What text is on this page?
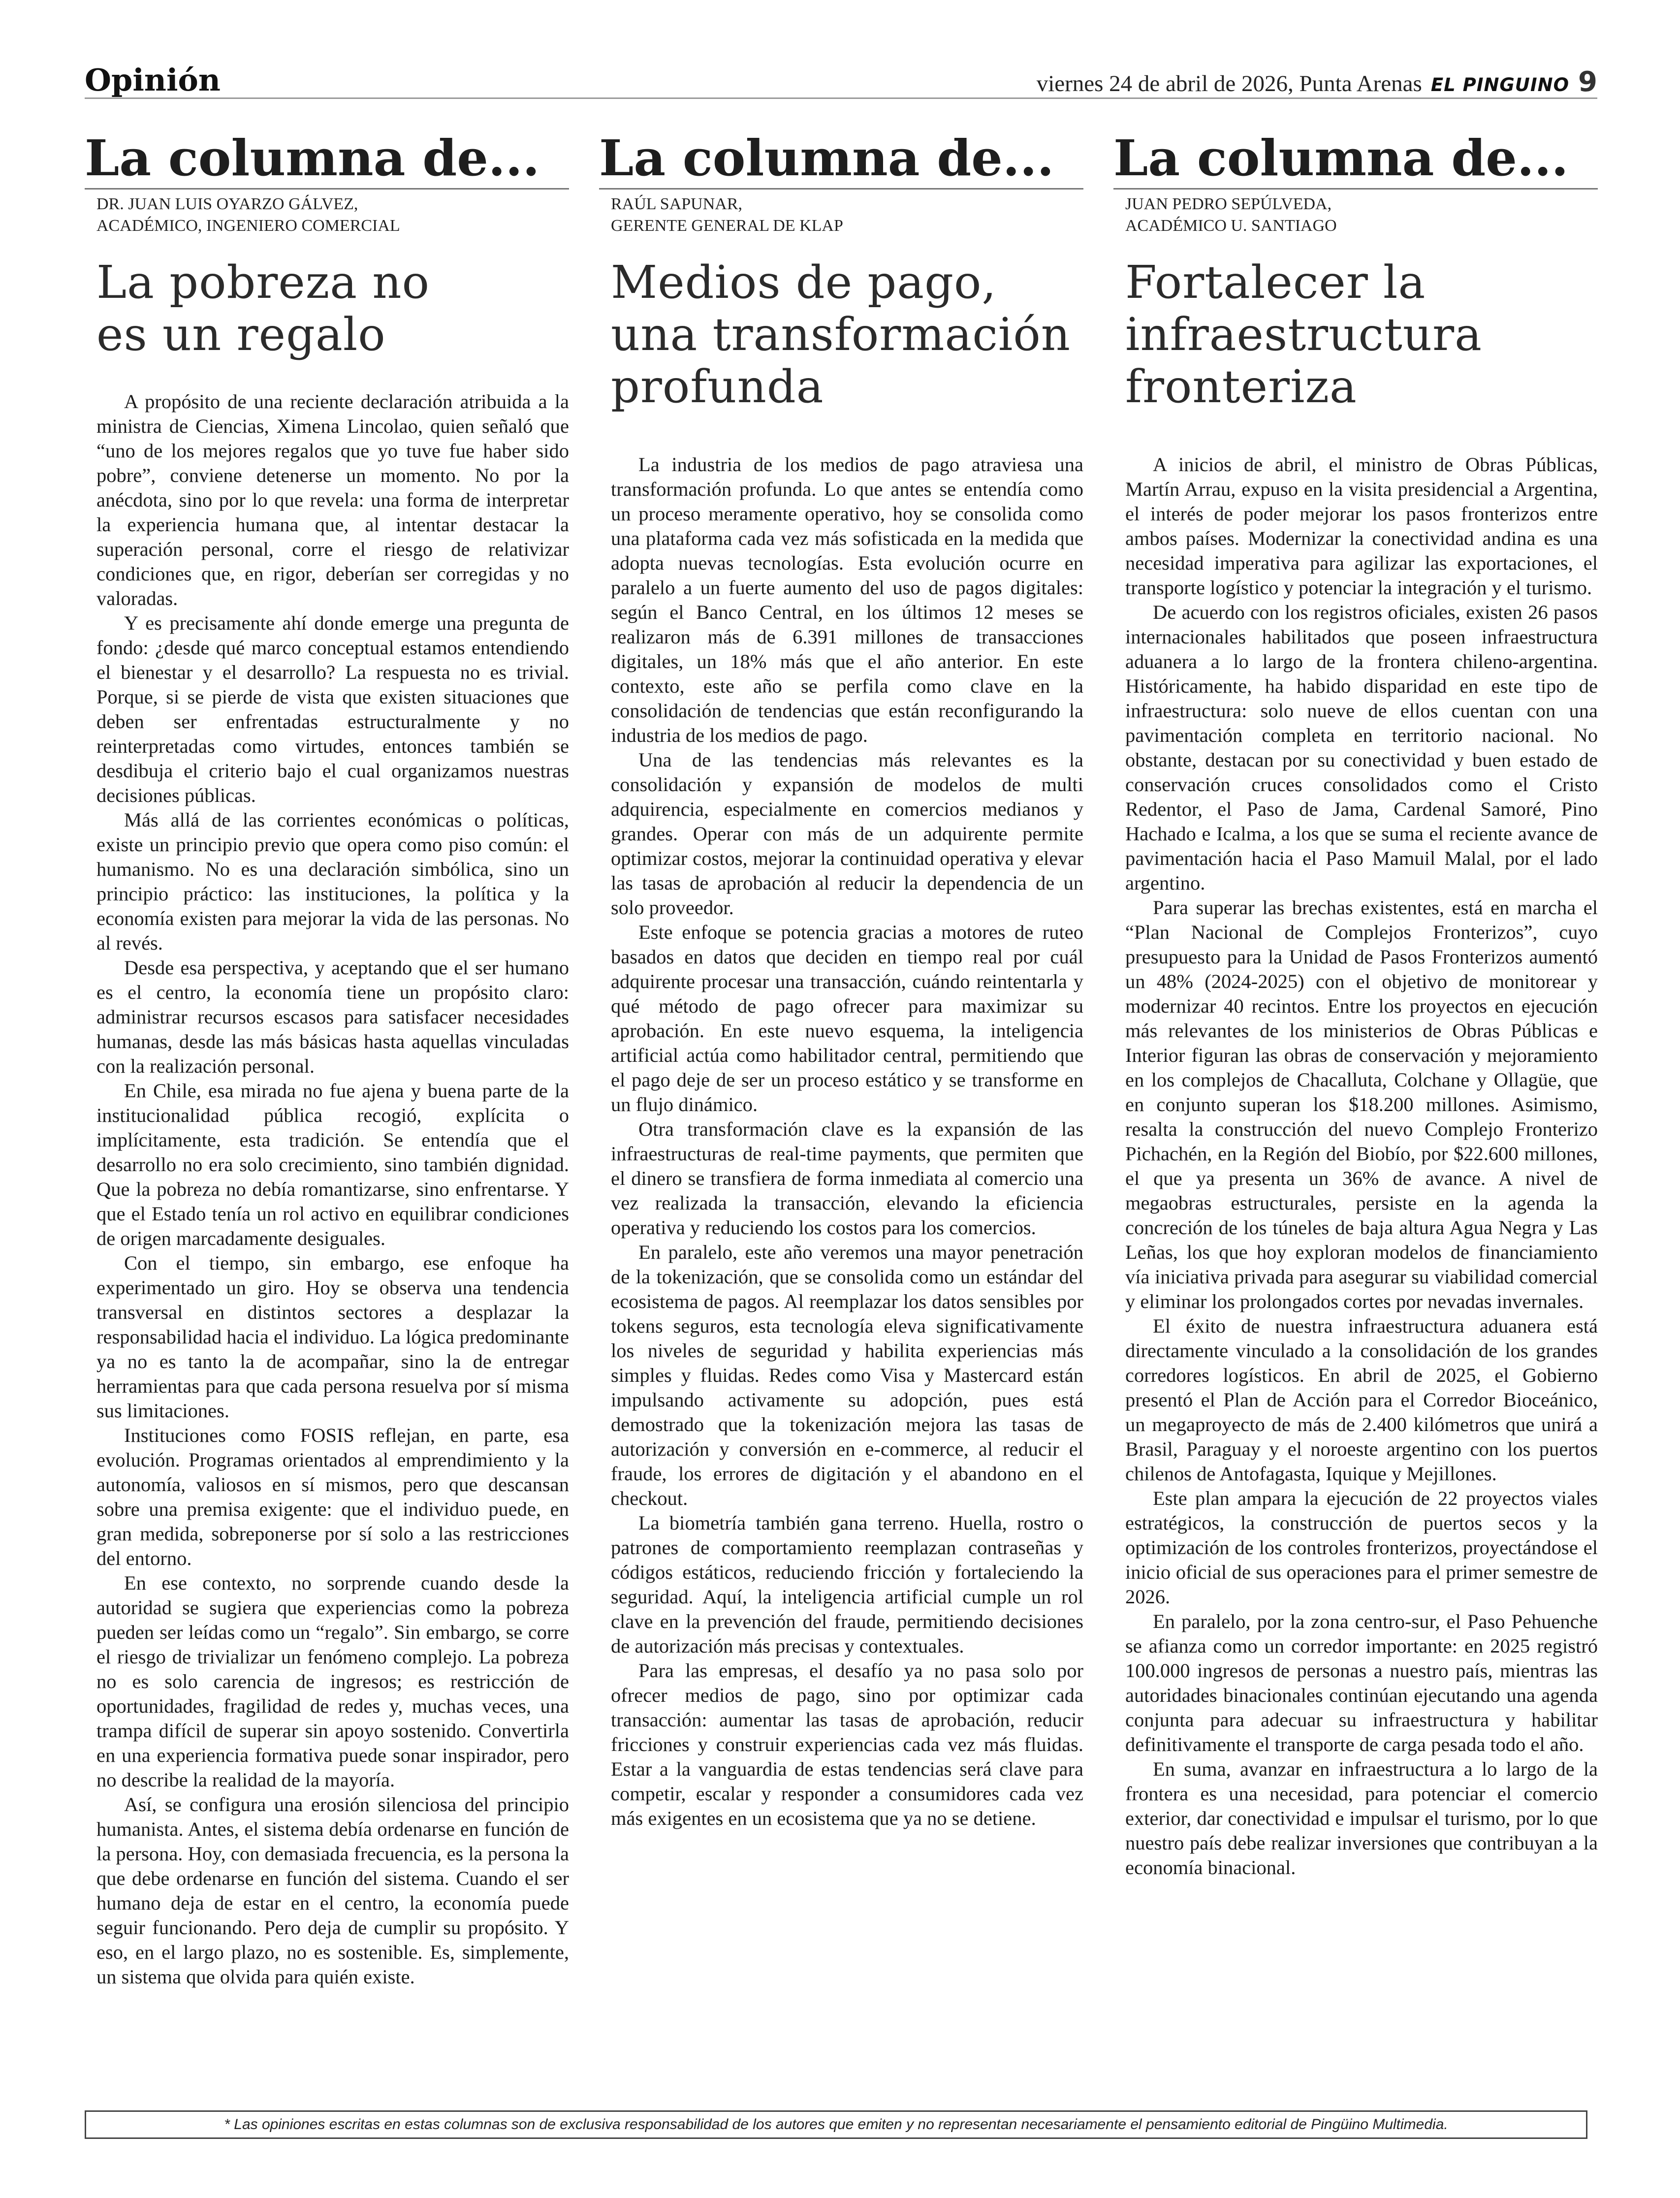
Opinión	viernes 24 de abril de 2026, Punta Arenas EL PINGUINO 9
La columna de...
DR. JUAN LUIS OYARZO GÁLVEZ,
ACADÉMICO, INGENIERO COMERCIAL
La pobreza no
es un regalo

A propósito de una reciente declaración atribuida a la ministra de Ciencias, Ximena Lincolao, quien señaló que “uno de los mejores regalos que yo tuve fue haber sido pobre”, conviene detenerse un momento. No por la anécdota, sino por lo que revela: una forma de interpretar la experiencia humana que, al intentar destacar la superación personal, corre el riesgo de relativizar condiciones que, en rigor, deberían ser corregidas y no valoradas.

Y es precisamente ahí donde emerge una pregunta de fondo: ¿desde qué marco conceptual estamos entendiendo el bienestar y el desarrollo? La respuesta no es trivial. Porque, si se pierde de vista que existen situaciones que deben ser enfrentadas estructuralmente y no reinterpretadas como virtudes, entonces también se desdibuja el criterio bajo el cual organizamos nuestras decisiones públicas.

Más allá de las corrientes económicas o políticas, existe un principio previo que opera como piso común: el humanismo. No es una declaración simbólica, sino un principio práctico: las instituciones, la política y la economía existen para mejorar la vida de las personas. No al revés.

Desde esa perspectiva, y aceptando que el ser humano es el centro, la economía tiene un propósito claro: administrar recursos escasos para satisfacer necesidades humanas, desde las más básicas hasta aquellas vinculadas con la realización personal.

En Chile, esa mirada no fue ajena y buena parte de la institucionalidad pública recogió, explícita o implícitamente, esta tradición. Se entendía que el desarrollo no era solo crecimiento, sino también dignidad. Que la pobreza no debía romantizarse, sino enfrentarse. Y que el Estado tenía un rol activo en equilibrar condiciones de origen marcadamente desiguales.

Con el tiempo, sin embargo, ese enfoque ha experimentado un giro. Hoy se observa una tendencia transversal en distintos sectores a desplazar la responsabilidad hacia el individuo. La lógica predominante ya no es tanto la de acompañar, sino la de entregar herramientas para que cada persona resuelva por sí misma sus limitaciones.

Instituciones como FOSIS reflejan, en parte, esa evolución. Programas orientados al emprendimiento y la autonomía, valiosos en sí mismos, pero que descansan sobre una premisa exigente: que el individuo puede, en gran medida, sobreponerse por sí solo a las restricciones del entorno.

En ese contexto, no sorprende cuando desde la autoridad se sugiera que experiencias como la pobreza pueden ser leídas como un “regalo”. Sin embargo, se corre el riesgo de trivializar un fenómeno complejo. La pobreza no es solo carencia de ingresos; es restricción de oportunidades, fragilidad de redes y, muchas veces, una trampa difícil de superar sin apoyo sostenido. Convertirla en una experiencia formativa puede sonar inspirador, pero no describe la realidad de la mayoría.

Así, se configura una erosión silenciosa del principio humanista. Antes, el sistema debía ordenarse en función de la persona. Hoy, con demasiada frecuencia, es la persona la que debe ordenarse en función del sistema. Cuando el ser humano deja de estar en el centro, la economía puede seguir funcionando. Pero deja de cumplir su propósito. Y eso, en el largo plazo, no es sostenible. Es, simplemente, un sistema que olvida para quién existe.

La columna de...
RAÚL SAPUNAR,
GERENTE GENERAL DE KLAP
Medios de pago,
una transformación
profunda

La industria de los medios de pago atraviesa una transformación profunda. Lo que antes se entendía como un proceso meramente operativo, hoy se consolida como una plataforma cada vez más sofisticada en la medida que adopta nuevas tecnologías. Esta evolución ocurre en paralelo a un fuerte aumento del uso de pagos digitales: según el Banco Central, en los últimos 12 meses se realizaron más de 6.391 millones de transacciones digitales, un 18% más que el año anterior. En este contexto, este año se perfila como clave en la consolidación de tendencias que están reconfigurando la industria de los medios de pago.

Una de las tendencias más relevantes es la consolidación y expansión de modelos de multi adquirencia, especialmente en comercios medianos y grandes. Operar con más de un adquirente permite optimizar costos, mejorar la continuidad operativa y elevar las tasas de aprobación al reducir la dependencia de un solo proveedor.

Este enfoque se potencia gracias a motores de ruteo basados en datos que deciden en tiempo real por cuál adquirente procesar una transacción, cuándo reintentarla y qué método de pago ofrecer para maximizar su aprobación. En este nuevo esquema, la inteligencia artificial actúa como habilitador central, permitiendo que el pago deje de ser un proceso estático y se transforme en un flujo dinámico.

Otra transformación clave es la expansión de las infraestructuras de real-time payments, que permiten que el dinero se transfiera de forma inmediata al comercio una vez realizada la transacción, elevando la eficiencia operativa y reduciendo los costos para los comercios.

En paralelo, este año veremos una mayor penetración de la tokenización, que se consolida como un estándar del ecosistema de pagos. Al reemplazar los datos sensibles por tokens seguros, esta tecnología eleva significativamente los niveles de seguridad y habilita experiencias más simples y fluidas. Redes como Visa y Mastercard están impulsando activamente su adopción, pues está demostrado que la tokenización mejora las tasas de autorización y conversión en e-commerce, al reducir el fraude, los errores de digitación y el abandono en el checkout.

La biometría también gana terreno. Huella, rostro o patrones de comportamiento reemplazan contraseñas y códigos estáticos, reduciendo fricción y fortaleciendo la seguridad. Aquí, la inteligencia artificial cumple un rol clave en la prevención del fraude, permitiendo decisiones de autorización más precisas y contextuales.

Para las empresas, el desafío ya no pasa solo por ofrecer medios de pago, sino por optimizar cada transacción: aumentar las tasas de aprobación, reducir fricciones y construir experiencias cada vez más fluidas. Estar a la vanguardia de estas tendencias será clave para competir, escalar y responder a consumidores cada vez más exigentes en un ecosistema que ya no se detiene.

La columna de...
JUAN PEDRO SEPÚLVEDA,
ACADÉMICO U. SANTIAGO
Fortalecer la
infraestructura
fronteriza

A inicios de abril, el ministro de Obras Públicas, Martín Arrau, expuso en la visita presidencial a Argentina, el interés de poder mejorar los pasos fronterizos entre ambos países. Modernizar la conectividad andina es una necesidad imperativa para agilizar las exportaciones, el transporte logístico y potenciar la integración y el turismo.

De acuerdo con los registros oficiales, existen 26 pasos internacionales habilitados que poseen infraestructura aduanera a lo largo de la frontera chileno-argentina. Históricamente, ha habido disparidad en este tipo de infraestructura: solo nueve de ellos cuentan con una pavimentación completa en territorio nacional. No obstante, destacan por su conectividad y buen estado de conservación cruces consolidados como el Cristo Redentor, el Paso de Jama, Cardenal Samoré, Pino Hachado e Icalma, a los que se suma el reciente avance de pavimentación hacia el Paso Mamuil Malal, por el lado argentino.

Para superar las brechas existentes, está en marcha el “Plan Nacional de Complejos Fronterizos”, cuyo presupuesto para la Unidad de Pasos Fronterizos aumentó un 48% (2024-2025) con el objetivo de monitorear y modernizar 40 recintos. Entre los proyectos en ejecución más relevantes de los ministerios de Obras Públicas e Interior figuran las obras de conservación y mejoramiento en los complejos de Chacalluta, Colchane y Ollagüe, que en conjunto superan los $18.200 millones. Asimismo, resalta la construcción del nuevo Complejo Fronterizo Pichachén, en la Región del Biobío, por $22.600 millones, el que ya presenta un 36% de avance. A nivel de megaobras estructurales, persiste en la agenda la concreción de los túneles de baja altura Agua Negra y Las Leñas, los que hoy exploran modelos de financiamiento vía iniciativa privada para asegurar su viabilidad comercial y eliminar los prolongados cortes por nevadas invernales.

El éxito de nuestra infraestructura aduanera está directamente vinculado a la consolidación de los grandes corredores logísticos. En abril de 2025, el Gobierno presentó el Plan de Acción para el Corredor Bioceánico, un megaproyecto de más de 2.400 kilómetros que unirá a Brasil, Paraguay y el noroeste argentino con los puertos chilenos de Antofagasta, Iquique y Mejillones.

Este plan ampara la ejecución de 22 proyectos viales estratégicos, la construcción de puertos secos y la optimización de los controles fronterizos, proyectándose el inicio oficial de sus operaciones para el primer semestre de 2026.

En paralelo, por la zona centro-sur, el Paso Pehuenche se afianza como un corredor importante: en 2025 registró 100.000 ingresos de personas a nuestro país, mientras las autoridades binacionales continúan ejecutando una agenda conjunta para adecuar su infraestructura y habilitar definitivamente el transporte de carga pesada todo el año.

En suma, avanzar en infraestructura a lo largo de la frontera es una necesidad, para potenciar el comercio exterior, dar conectividad e impulsar el turismo, por lo que nuestro país debe realizar inversiones que contribuyan a la economía binacional.

* Las opiniones escritas en estas columnas son de exclusiva responsabilidad de los autores que emiten y no representan necesariamente el pensamiento editorial de Pingüino Multimedia.
